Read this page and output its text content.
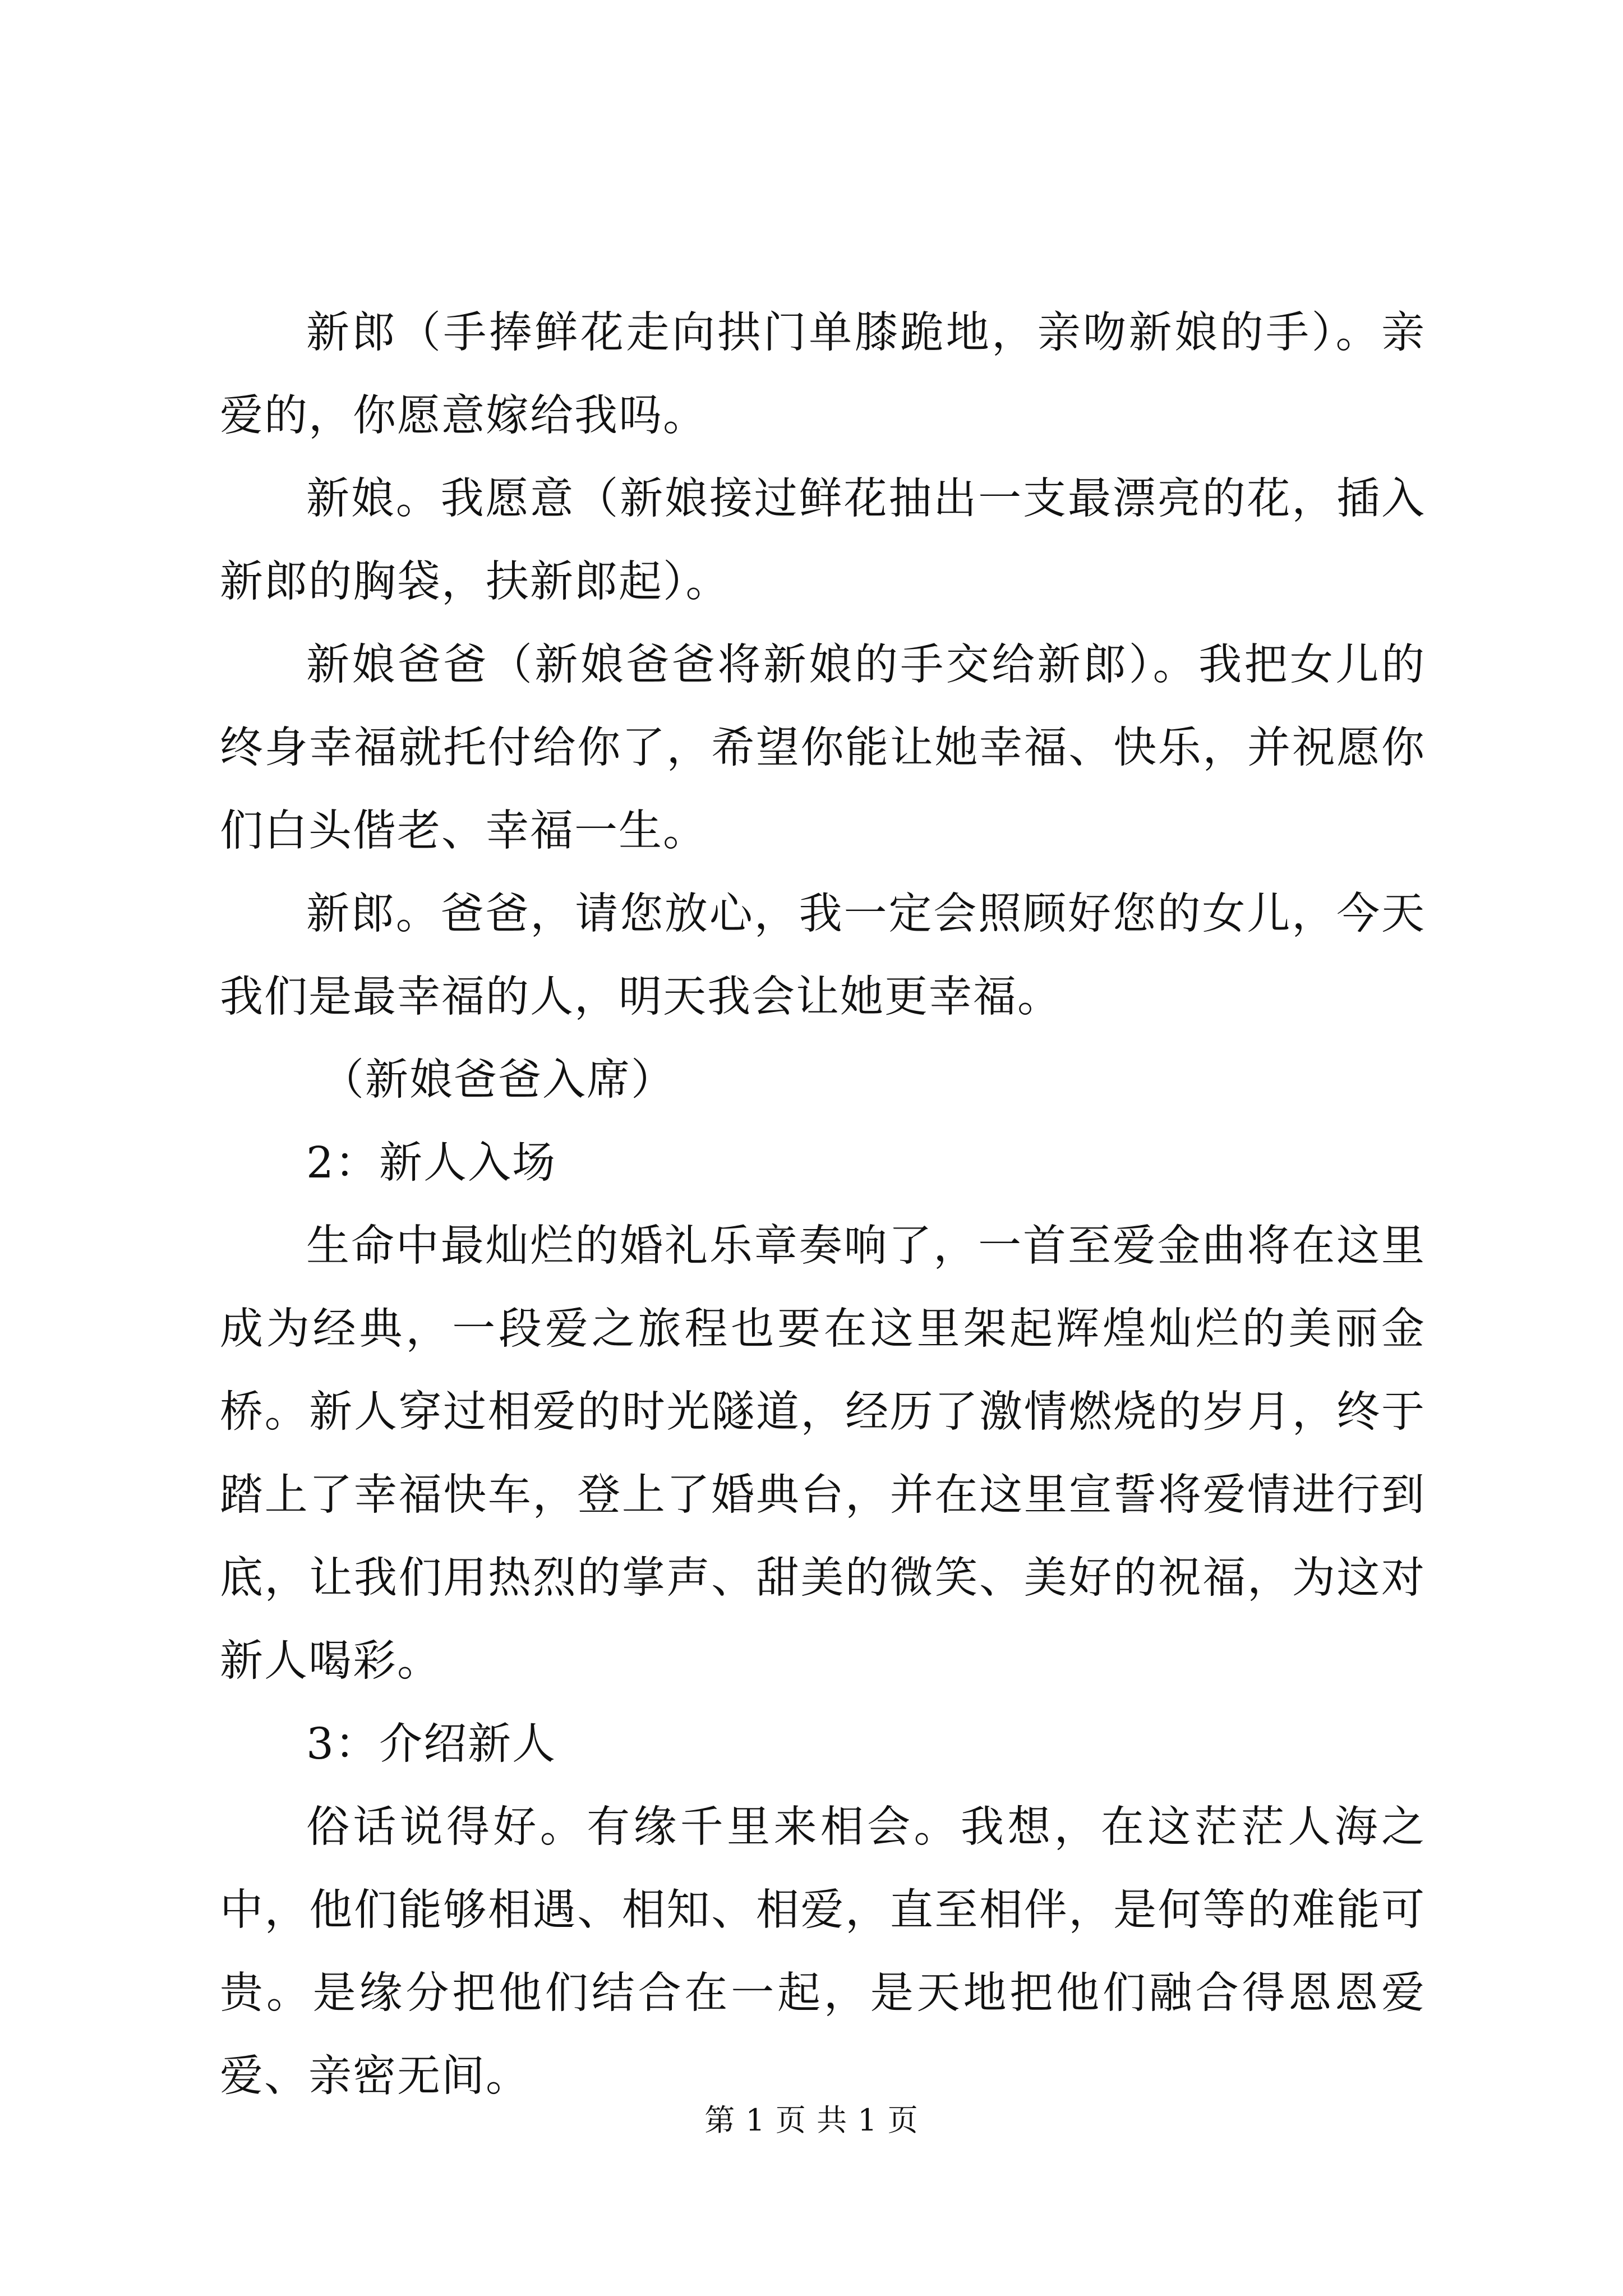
新郎（手捧鲜花走向拱门单膝跪地，亲吻新娘的手）。亲爱的，你愿意嫁给我吗。

新娘。我愿意（新娘接过鲜花抽出一支最漂亮的花，插入新郎的胸袋，扶新郎起）。

新娘爸爸（新娘爸爸将新娘的手交给新郎）。我把女儿的终身幸福就托付给你了，希望你能让她幸福、快乐，并祝愿你们白头偕老、幸福一生。

新郎。爸爸，请您放心，我一定会照顾好您的女儿，今天我们是最幸福的人，明天我会让她更幸福。

（新娘爸爸入席）

2：新人入场

生命中最灿烂的婚礼乐章奏响了，一首至爱金曲将在这里成为经典，一段爱之旅程也要在这里架起辉煌灿烂的美丽金桥。新人穿过相爱的时光隧道，经历了激情燃烧的岁月，终于踏上了幸福快车，登上了婚典台，并在这里宣誓将爱情进行到底，让我们用热烈的掌声、甜美的微笑、美好的祝福，为这对新人喝彩。

3：介绍新人

俗话说得好。有缘千里来相会。我想，在这茫茫人海之中，他们能够相遇、相知、相爱，直至相伴，是何等的难能可贵。是缘分把他们结合在一起，是天地把他们融合得恩恩爱爱、亲密无间。

第 1 页 共 1 页
